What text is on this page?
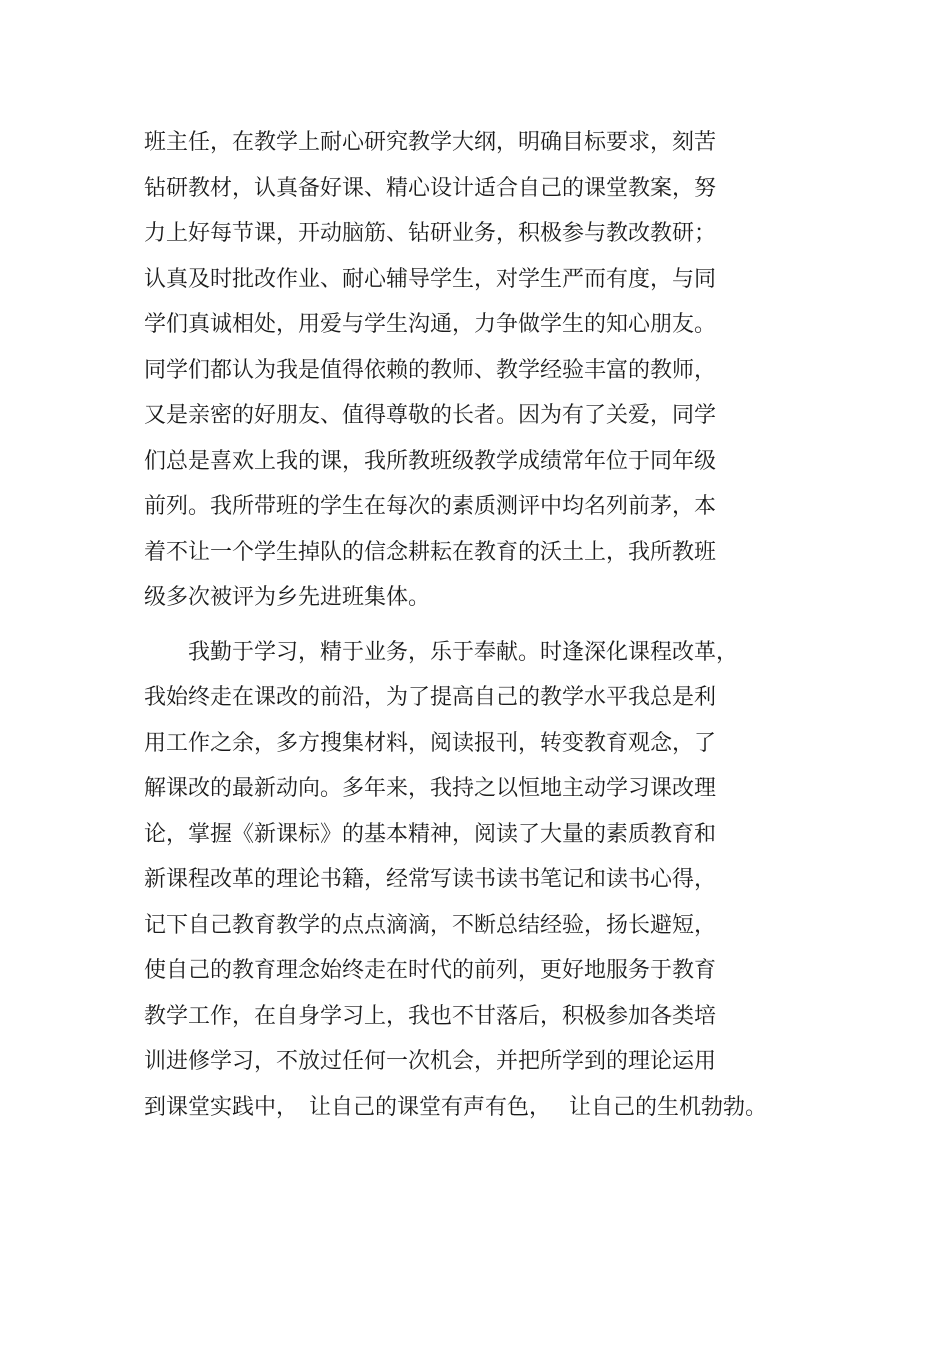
班主任，在教学上耐心研究教学大纲，明确目标要求，刻苦
钻研教材，认真备好课、精心设计适合自己的课堂教案，努
力上好每节课，开动脑筋、钻研业务，积极参与教改教研；
认真及时批改作业、耐心辅导学生，对学生严而有度，与同
学们真诚相处，用爱与学生沟通，力争做学生的知心朋友。
同学们都认为我是值得依赖的教师、教学经验丰富的教师，
又是亲密的好朋友、值得尊敬的长者。因为有了关爱，同学
们总是喜欢上我的课，我所教班级教学成绩常年位于同年级
前列。我所带班的学生在每次的素质测评中均名列前茅，本
着不让一个学生掉队的信念耕耘在教育的沃土上，我所教班
级多次被评为乡先进班集体。
我勤于学习，精于业务，乐于奉献。时逢深化课程改革，
我始终走在课改的前沿，为了提高自己的教学水平我总是利
用工作之余，多方搜集材料，阅读报刊，转变教育观念，了
解课改的最新动向。多年来，我持之以恒地主动学习课改理
论，掌握《新课标》的基本精神，阅读了大量的素质教育和
新课程改革的理论书籍，经常写读书读书笔记和读书心得，
记下自己教育教学的点点滴滴，不断总结经验，扬长避短，
使自己的教育理念始终走在时代的前列，更好地服务于教育
教学工作，在自身学习上，我也不甘落后，积极参加各类培
训进修学习，不放过任何一次机会，并把所学到的理论运用
到课堂实践中，　让自己的课堂有声有色，　 让自己的生机勃勃。
